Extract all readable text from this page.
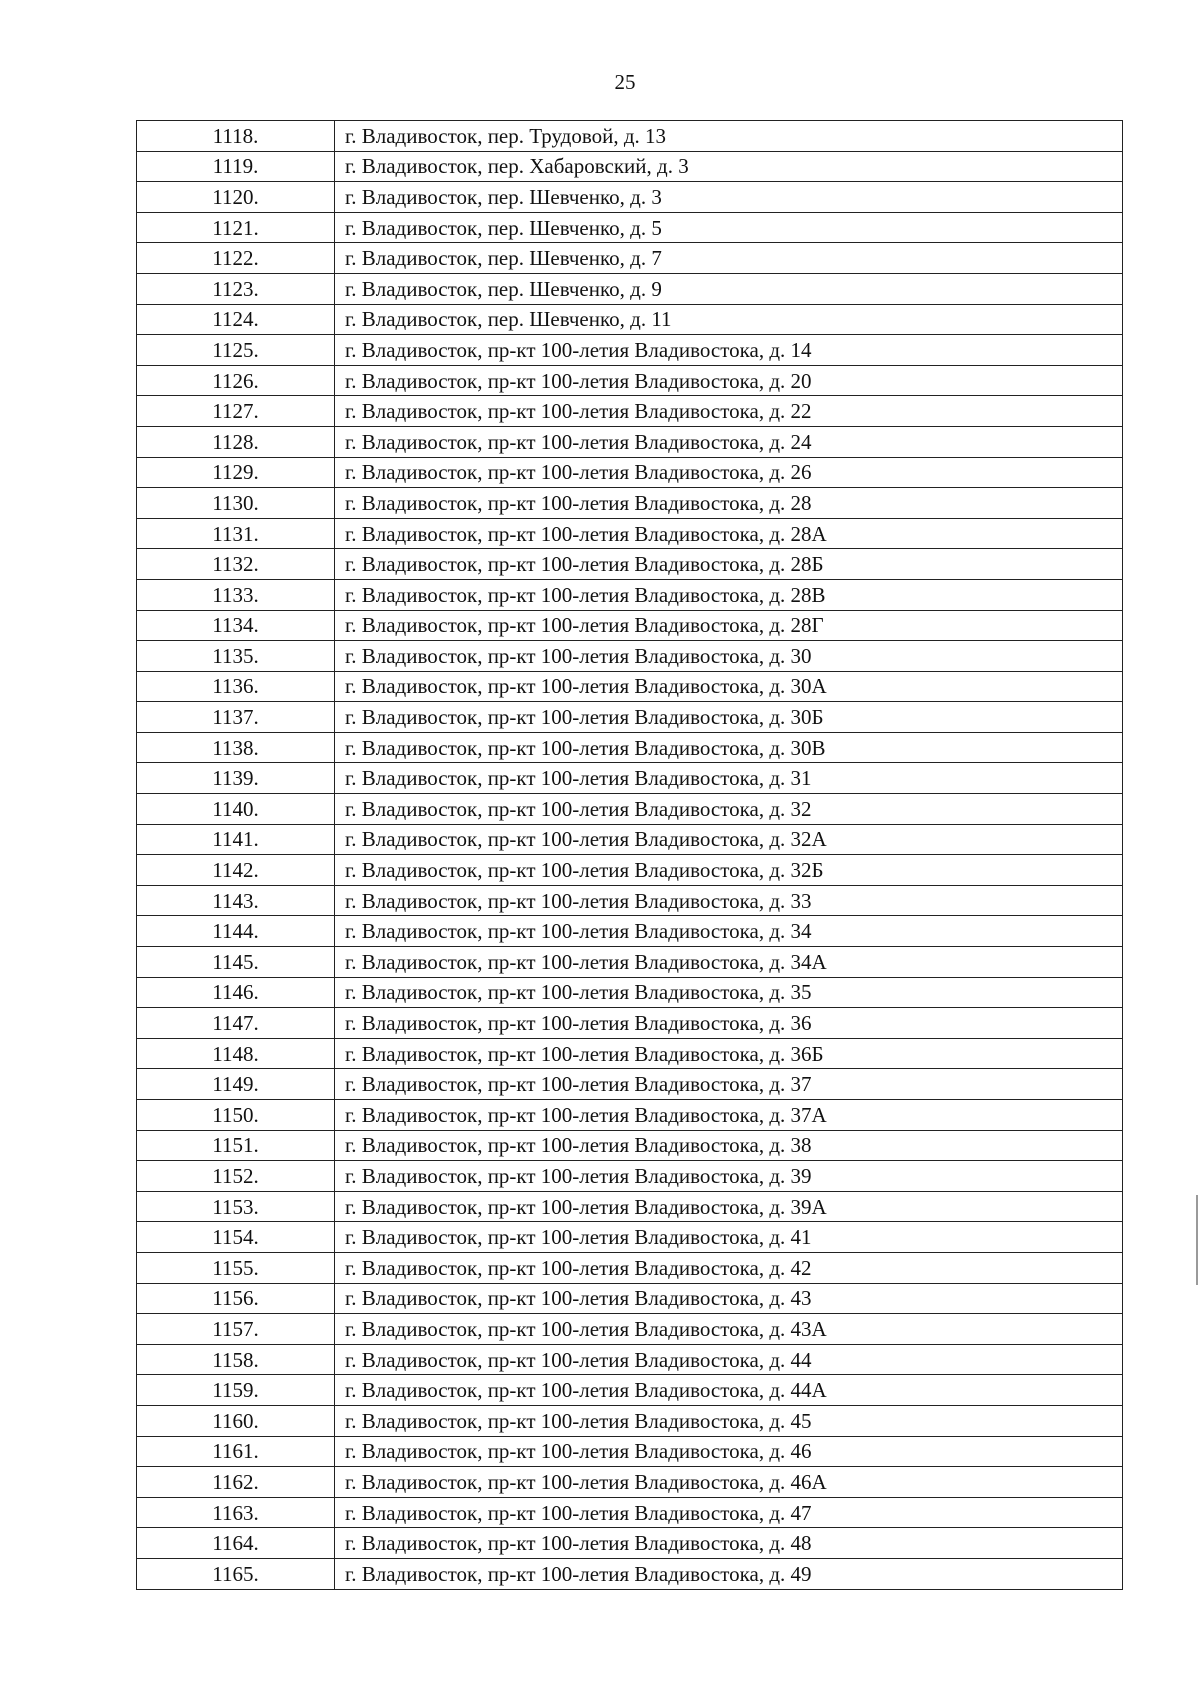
25
1118.	г. Владивосток, пер. Трудовой, д. 13
1119.	г. Владивосток, пер. Хабаровский, д. 3
1120.	г. Владивосток, пер. Шевченко, д. 3
1121.	г. Владивосток, пер. Шевченко, д. 5
1122.	г. Владивосток, пер. Шевченко, д. 7
1123.	г. Владивосток, пер. Шевченко, д. 9
1124.	г. Владивосток, пер. Шевченко, д. 11
1125.	г. Владивосток, пр-кт 100-летия Владивостока, д. 14
1126.	г. Владивосток, пр-кт 100-летия Владивостока, д. 20
1127.	г. Владивосток, пр-кт 100-летия Владивостока, д. 22
1128.	г. Владивосток, пр-кт 100-летия Владивостока, д. 24
1129.	г. Владивосток, пр-кт 100-летия Владивостока, д. 26
1130.	г. Владивосток, пр-кт 100-летия Владивостока, д. 28
1131.	г. Владивосток, пр-кт 100-летия Владивостока, д. 28А
1132.	г. Владивосток, пр-кт 100-летия Владивостока, д. 28Б
1133.	г. Владивосток, пр-кт 100-летия Владивостока, д. 28В
1134.	г. Владивосток, пр-кт 100-летия Владивостока, д. 28Г
1135.	г. Владивосток, пр-кт 100-летия Владивостока, д. 30
1136.	г. Владивосток, пр-кт 100-летия Владивостока, д. 30А
1137.	г. Владивосток, пр-кт 100-летия Владивостока, д. 30Б
1138.	г. Владивосток, пр-кт 100-летия Владивостока, д. 30В
1139.	г. Владивосток, пр-кт 100-летия Владивостока, д. 31
1140.	г. Владивосток, пр-кт 100-летия Владивостока, д. 32
1141.	г. Владивосток, пр-кт 100-летия Владивостока, д. 32А
1142.	г. Владивосток, пр-кт 100-летия Владивостока, д. 32Б
1143.	г. Владивосток, пр-кт 100-летия Владивостока, д. 33
1144.	г. Владивосток, пр-кт 100-летия Владивостока, д. 34
1145.	г. Владивосток, пр-кт 100-летия Владивостока, д. 34А
1146.	г. Владивосток, пр-кт 100-летия Владивостока, д. 35
1147.	г. Владивосток, пр-кт 100-летия Владивостока, д. 36
1148.	г. Владивосток, пр-кт 100-летия Владивостока, д. 36Б
1149.	г. Владивосток, пр-кт 100-летия Владивостока, д. 37
1150.	г. Владивосток, пр-кт 100-летия Владивостока, д. 37А
1151.	г. Владивосток, пр-кт 100-летия Владивостока, д. 38
1152.	г. Владивосток, пр-кт 100-летия Владивостока, д. 39
1153.	г. Владивосток, пр-кт 100-летия Владивостока, д. 39А
1154.	г. Владивосток, пр-кт 100-летия Владивостока, д. 41
1155.	г. Владивосток, пр-кт 100-летия Владивостока, д. 42
1156.	г. Владивосток, пр-кт 100-летия Владивостока, д. 43
1157.	г. Владивосток, пр-кт 100-летия Владивостока, д. 43А
1158.	г. Владивосток, пр-кт 100-летия Владивостока, д. 44
1159.	г. Владивосток, пр-кт 100-летия Владивостока, д. 44А
1160.	г. Владивосток, пр-кт 100-летия Владивостока, д. 45
1161.	г. Владивосток, пр-кт 100-летия Владивостока, д. 46
1162.	г. Владивосток, пр-кт 100-летия Владивостока, д. 46А
1163.	г. Владивосток, пр-кт 100-летия Владивостока, д. 47
1164.	г. Владивосток, пр-кт 100-летия Владивостока, д. 48
1165.	г. Владивосток, пр-кт 100-летия Владивостока, д. 49
